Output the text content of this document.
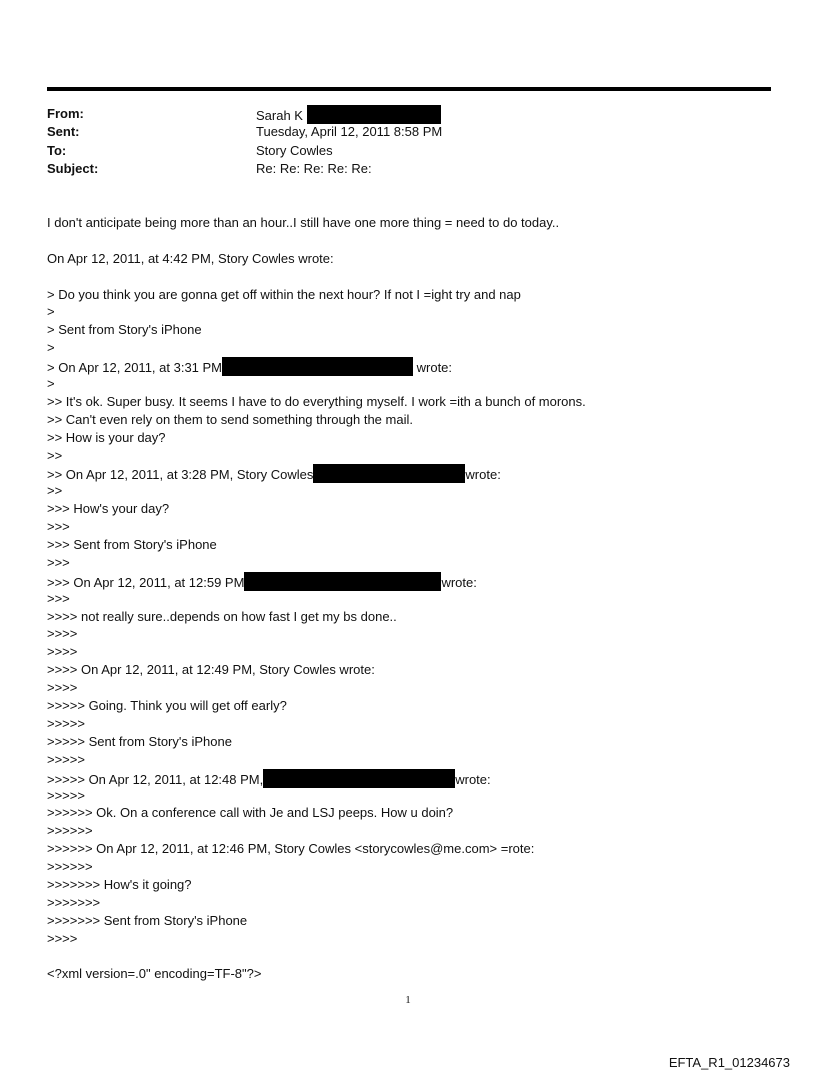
From:	Sarah K
Sent:	Tuesday, April 12, 2011 8:58 PM
To:	Story Cowles
Subject:	Re: Re: Re: Re: Re:
I don't anticipate being more than an hour..I still have one more thing = need to do today..
On Apr 12, 2011, at 4:42 PM, Story Cowles wrote:
> Do you think you are gonna get off within the next hour? If not I =ight try and nap
>
> Sent from Story's iPhone
>
> On Apr 12, 2011, at 3:31 PM	wrote:
>
>> It's ok. Super busy. It seems I have to do everything myself. I work =ith a bunch of morons.
>> Can't even rely on them to send something through the mail.
>> How is your day?
>>
>> On Apr 12, 2011, at 3:28 PM, Story Cowles	wrote:
>>
>>> How's your day?
>>>
>>> Sent from Story's iPhone
>>>
>>> On Apr 12, 2011, at 12:59 PM	wrote:
>>>
>>>> not really sure..depends on how fast I get my bs done..
>>>>
>>>>
>>>> On Apr 12, 2011, at 12:49 PM, Story Cowles wrote:
>>>>
>>>>> Going. Think you will get off early?
>>>>>
>>>>> Sent from Story's iPhone
>>>>>
>>>>> On Apr 12, 2011, at 12:48 PM,	wrote:
>>>>>
>>>>>> Ok. On a conference call with Je and LSJ peeps. How u doin?
>>>>>>
>>>>>> On Apr 12, 2011, at 12:46 PM, Story Cowles <storycowles@me.com> =rote:
>>>>>>
>>>>>>> How's it going?
>>>>>>>
>>>>>>> Sent from Story's iPhone
>>>>
<?xml version=.0" encoding=TF-8"?>
1
EFTA_R1_01234673
